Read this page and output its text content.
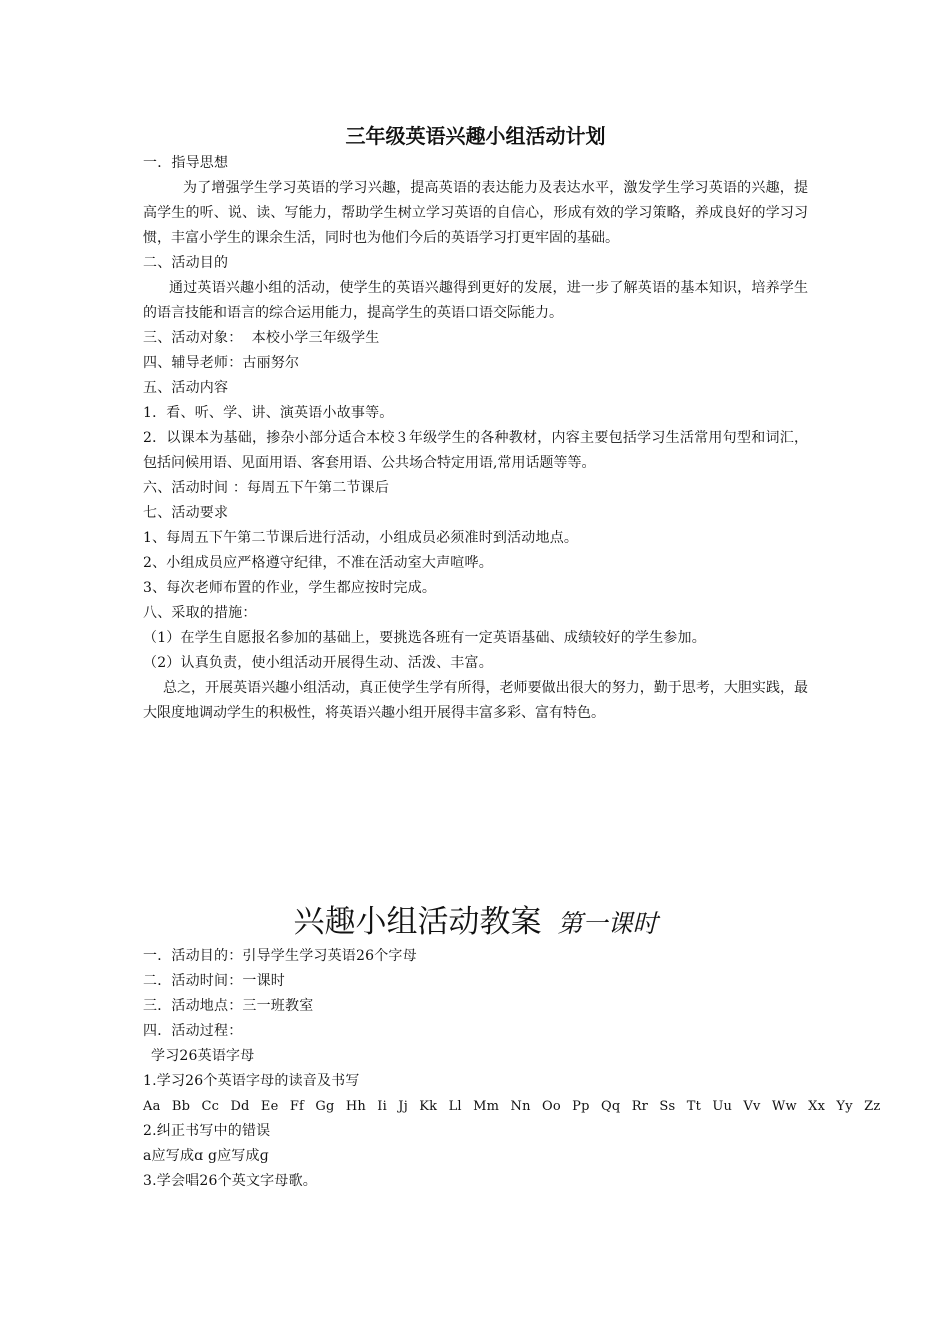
三年级英语兴趣小组活动计划
一．指导思想
为了增强学生学习英语的学习兴趣，提高英语的表达能力及表达水平，激发学生学习英语的兴趣，提高学生的听、说、读、写能力，帮助学生树立学习英语的自信心，形成有效的学习策略，养成良好的学习习惯，丰富小学生的课余生活，同时也为他们今后的英语学习打更牢固的基础。
二、活动目的
通过英语兴趣小组的活动，使学生的英语兴趣得到更好的发展，进一步了解英语的基本知识，培养学生的语言技能和语言的综合运用能力，提高学生的英语口语交际能力。
三、活动对象：  本校小学三年级学生
四、辅导老师：古丽努尔
五、活动内容
1．看、听、学、讲、演英语小故事等。
2．以课本为基础，掺杂小部分适合本校３年级学生的各种教材，内容主要包括学习生活常用句型和词汇，包括问候用语、见面用语、客套用语、公共场合特定用语,常用话题等等。
六、活动时间 ：每周五下午第二节课后
七、活动要求
1、每周五下午第二节课后进行活动，小组成员必须准时到活动地点。
2、小组成员应严格遵守纪律，不准在活动室大声喧哗。
3、每次老师布置的作业，学生都应按时完成。
八、采取的措施：
（1）在学生自愿报名参加的基础上，要挑选各班有一定英语基础、成绩较好的学生参加。
（2）认真负责，使小组活动开展得生动、活泼、丰富。
总之，开展英语兴趣小组活动，真正使学生学有所得，老师要做出很大的努力，勤于思考，大胆实践，最大限度地调动学生的积极性，将英语兴趣小组开展得丰富多彩、富有特色。
兴趣小组活动教案 第一课时
一．活动目的：引导学生学习英语26个字母
二．活动时间：一课时
三．活动地点：三一班教室
四．活动过程：
学习26英语字母
1.学习26个英语字母的读音及书写
Aa Bb Cc Dd Ee Ff Gg Hh Ii Jj Kk Ll Mm Nn Oo Pp Qq Rr Ss Tt Uu Vv Ww Xx Yy Zz
2.纠正书写中的错误
a应写成ɑ g应写成ɡ
3.学会唱26个英文字母歌。
